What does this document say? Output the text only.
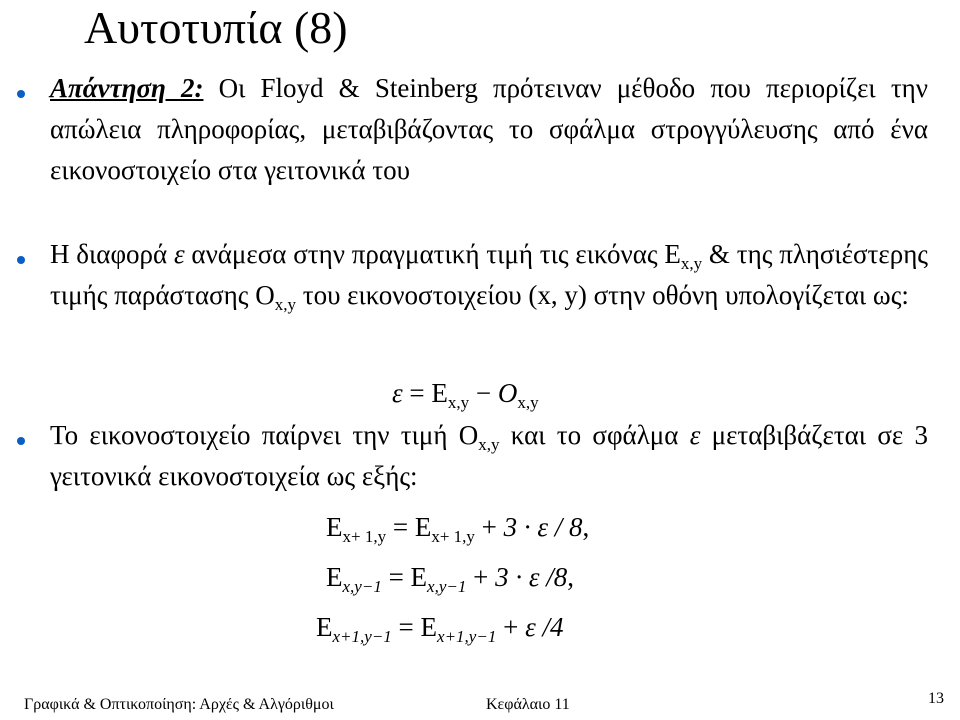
Αυτοτυπία (8)
Απάντηση 2: Οι Floyd & Steinberg πρότειναν μέθοδο που περιορίζει την απώλεια πληροφορίας, μεταβιβάζοντας το σφάλμα στρογγύλευσης από ένα εικονοστοιχείο στα γειτονικά του
Η διαφορά ε ανάμεσα στην πραγματική τιμή τις εικόνας $E_{x,y}$ & της πλησιέστερης τιμής παράστασης $O_{x,y}$ του εικονοστοιχείου (x, y) στην οθόνη υπολογίζεται ως:
$\varepsilon = E_{x,y} - O_{x,y}$
Το εικονοστοιχείο παίρνει την τιμή $O_{x,y}$ και το σφάλμα ε μεταβιβάζεται σε 3 γειτονικά εικονοστοιχεία ως εξής:
$E_{x+ 1,y} = E_{x+ 1,y} + 3 \cdot \varepsilon / 8$,
$E_{x,y-1} = E_{x,y-1} + 3 \cdot \varepsilon$ /8,
$E_{x+1,y-1} = E_{x+1,y-1} + \varepsilon$ /4
Γραφικά & Οπτικοποίηση: Αρχές & Αλγόριθμοι	Κεφάλαιο 11	13
